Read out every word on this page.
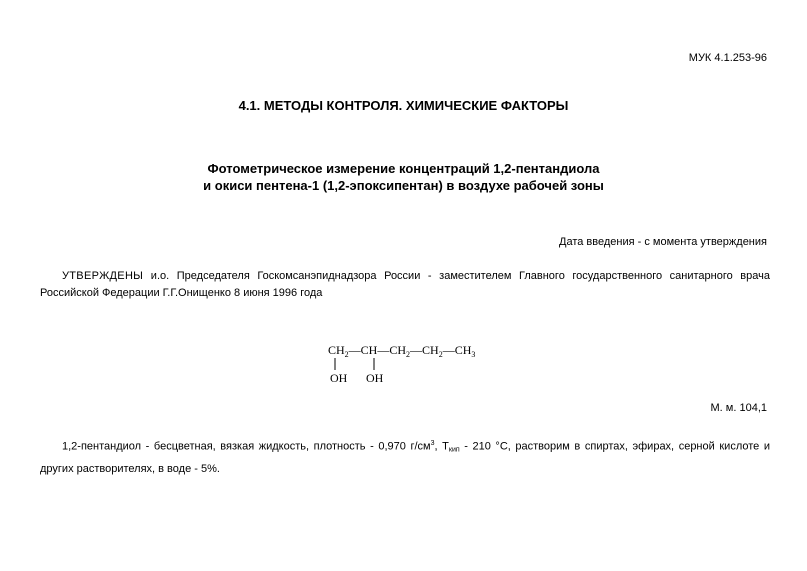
МУК 4.1.253-96
4.1. МЕТОДЫ КОНТРОЛЯ. ХИМИЧЕСКИЕ ФАКТОРЫ
Фотометрическое измерение концентраций 1,2-пентандиола
и окиси пентена-1 (1,2-эпоксипентан) в воздухе рабочей зоны
Дата введения - с момента утверждения
УТВЕРЖДЕНЫ и.о. Председателя Госкомсанэпиднадзора России - заместителем Главного государственного санитарного врача Российской Федерации Г.Г.Онищенко 8 июня 1996 года
$CH_2—CH—CH_2—CH_2—CH_3$
OH OH
М. м. 104,1
1,2-пентандиол - бесцветная, вязкая жидкость, плотность - 0,970 $г/см^3$, $T_{кип} - 210$ °С, растворим в спиртах, эфирах, серной кислоте и других растворителях, в воде - 5%.
